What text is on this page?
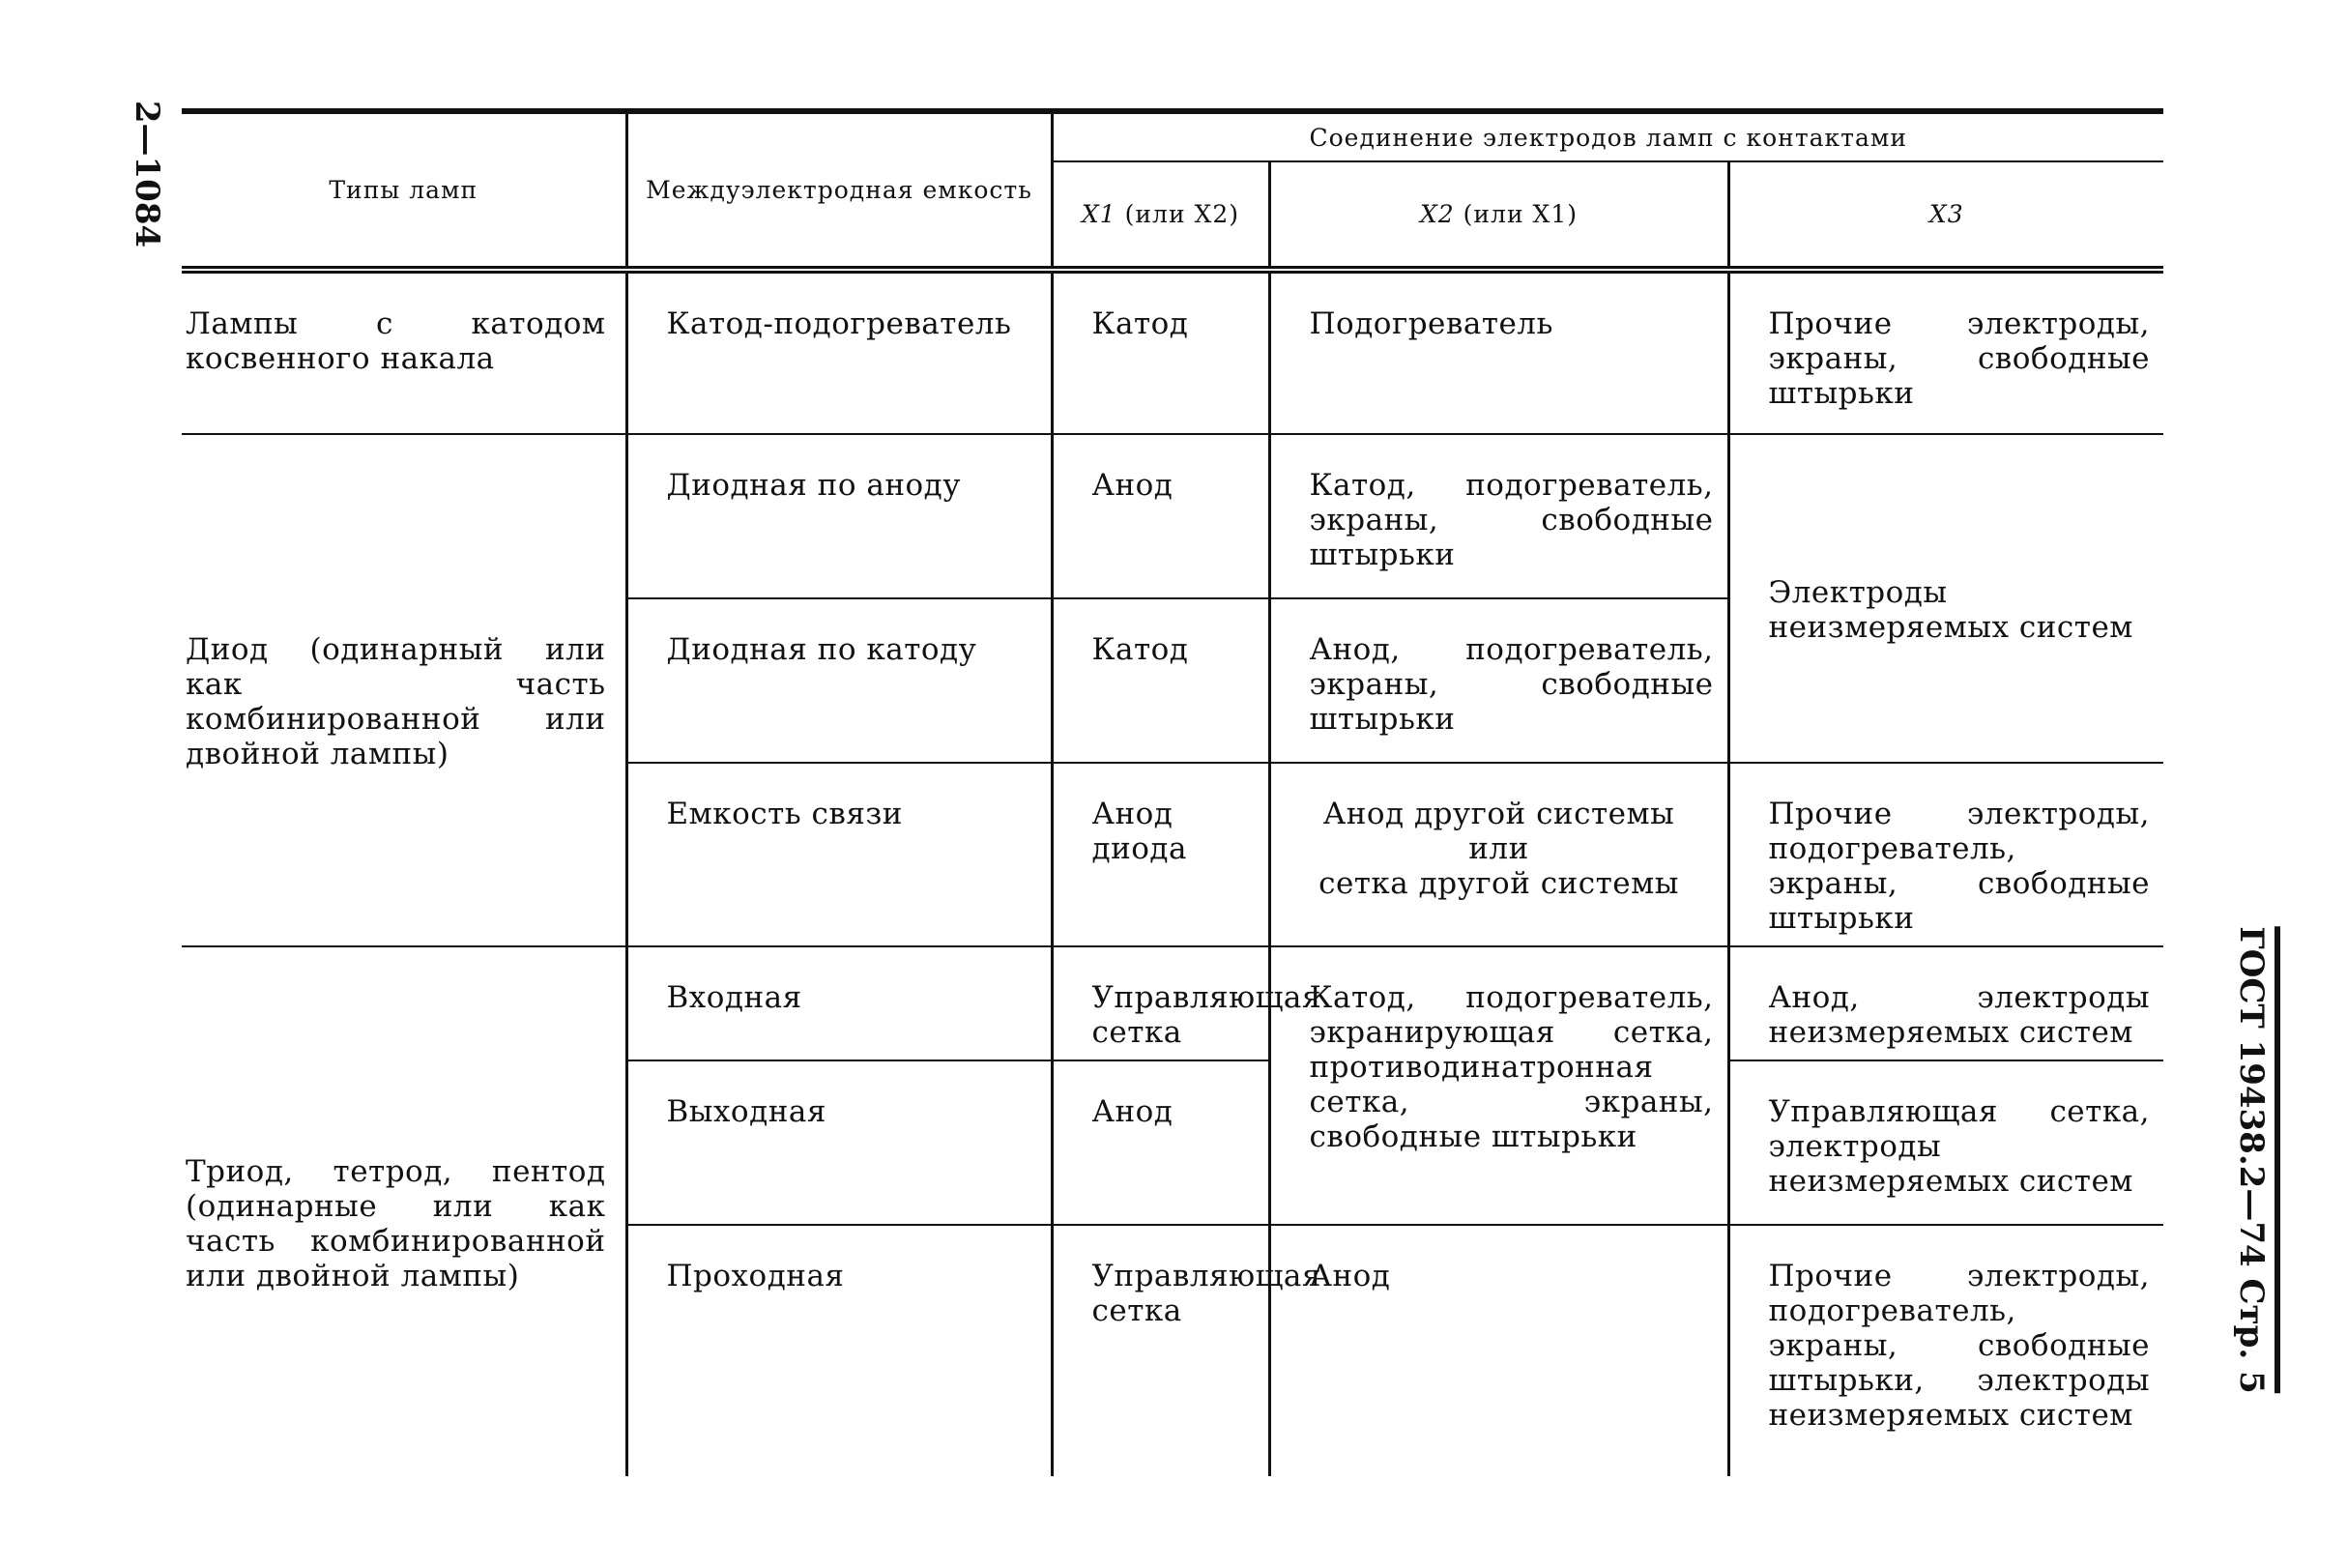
2—1084
ГОСТ 19438.2—74 Стр. 5
Типы ламп	Междуэлектродная емкость	Соединение электродов ламп с контактами		
		X1 (или X2)	X2 (или X1)	X3

Лампы с катодом косвенного накала	Катод-подогреватель	Катод	Подогреватель	Прочие электроды, экраны, свободные штырьки

Диод (одинарный или как часть комбинированной или двойной лампы)	Диодная по аноду	Анод	Катод, подогреватель, экраны, свободные штырьки	Электроды неизмеряемых систем

	Диодная по катоду	Катод	Анод, подогреватель, экраны, свободные штырьки	

	Емкость связи	Анод диода	Анод другой системы
или
сетка другой системы	Прочие электроды, подогреватель, экраны, свободные штырьки

Триод, тетрод, пентод (одинарные или как часть комбинированной или двойной лампы)	Входная	Управляющая сетка	Катод, подогреватель, экранирующая сетка, противодинатронная сетка, экраны, свободные штырьки	Анод, электроды неизмеряемых систем

	Выходная	Анод		Управляющая сетка, электроды неизмеряемых систем

	Проходная	Управляющая сетка	Анод	Прочие электроды, подогреватель, экраны, свободные штырьки, электроды неизмеряемых систем
